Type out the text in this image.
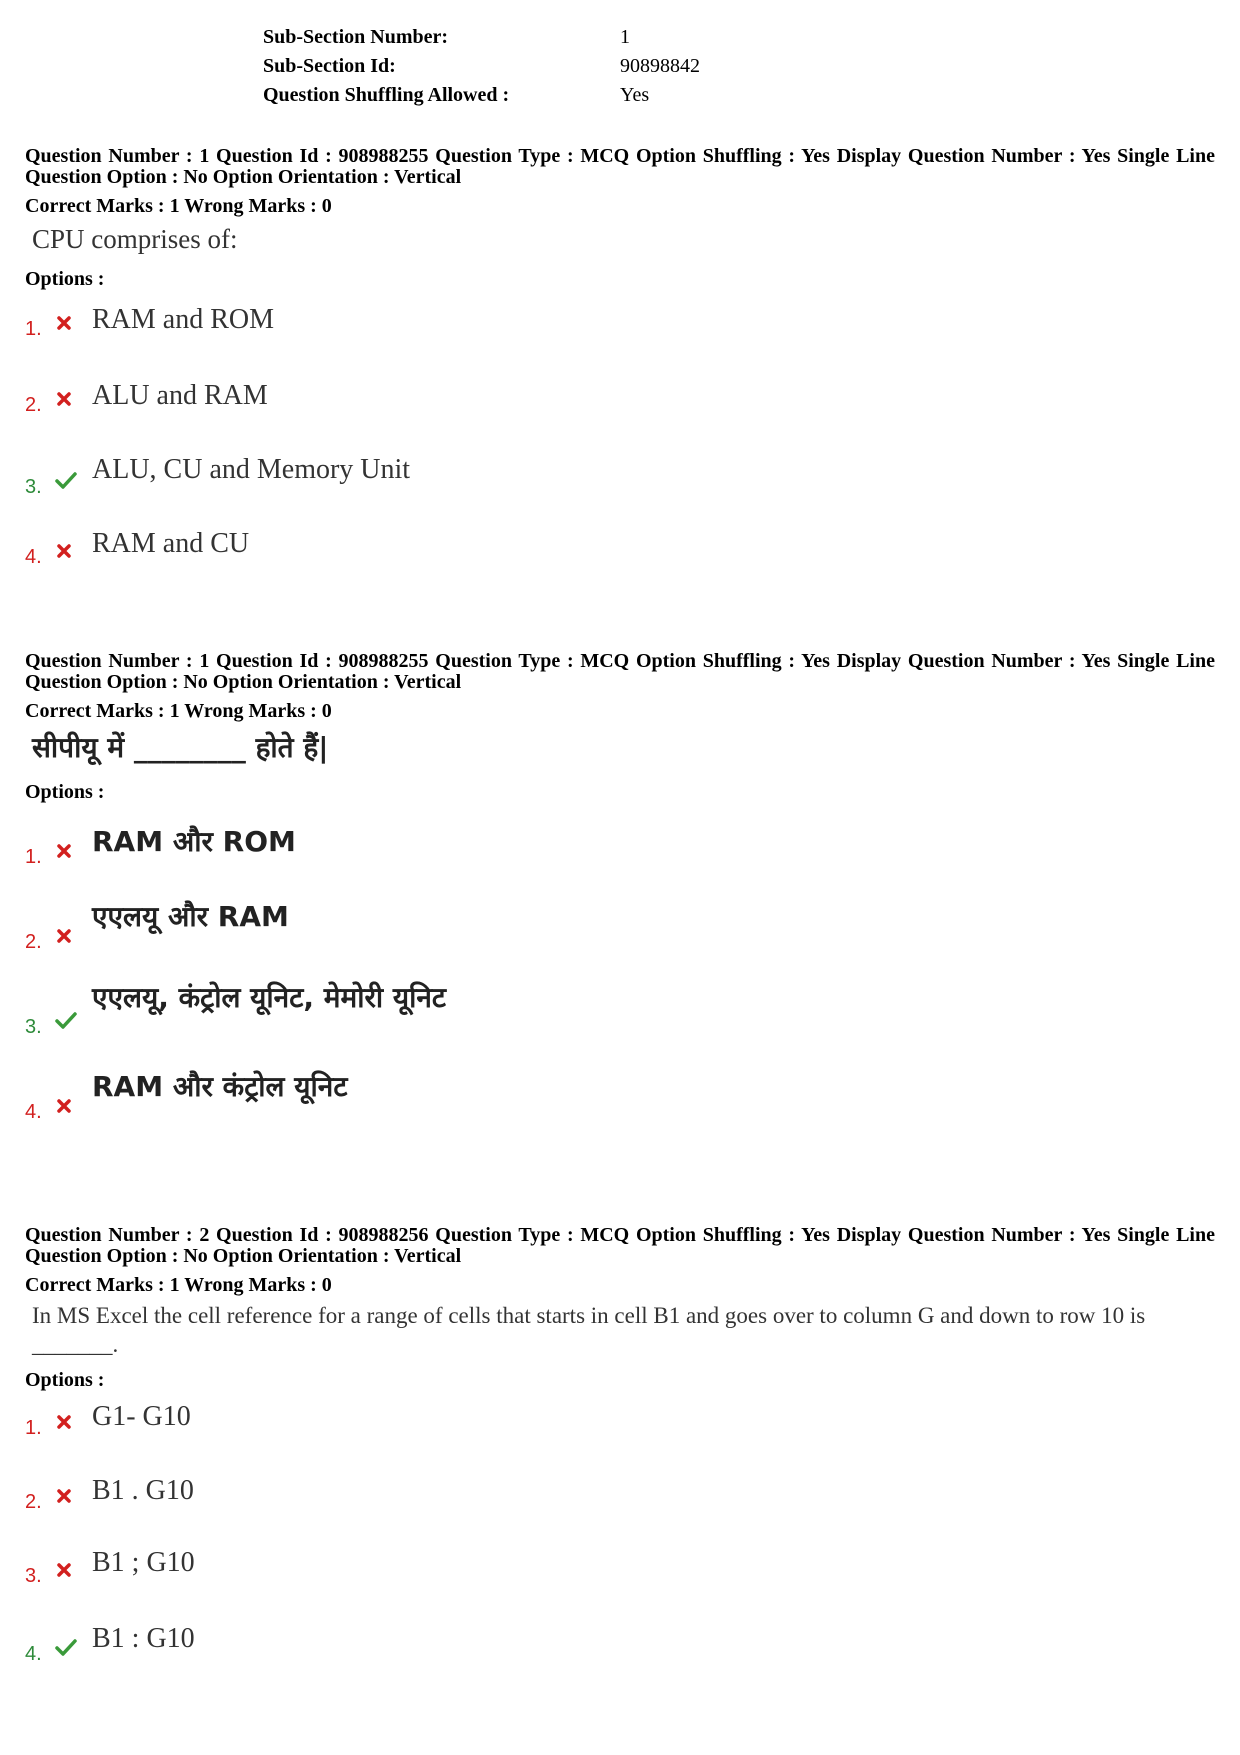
Sub-Section Number:	1
Sub-Section Id:	90898842
Question Shuffling Allowed :	Yes
Question Number : 1 Question Id : 908988255 Question Type : MCQ Option Shuffling : Yes Display Question Number : Yes Single Line Question Option : No Option Orientation : Vertical
Correct Marks : 1 Wrong Marks : 0
CPU comprises of:
Options :
1. RAM and ROM
2. ALU and RAM
3.
ALU, CU and Memory Unit
4. RAM and CU
Question Number : 1 Question Id : 908988255 Question Type : MCQ Option Shuffling : Yes Display Question Number : Yes Single Line Question Option : No Option Orientation : Vertical
Correct Marks : 1 Wrong Marks : 0
सीपीयू में ________ होते हैं|
Options :
1. RAM और ROM
2.
एएलयू और RAM
3.
एएलयू, कंट्रोल यूनिट, मेमोरी यूनिट
4.
RAM और कंट्रोल यूनिट
Question Number : 2 Question Id : 908988256 Question Type : MCQ Option Shuffling : Yes Display Question Number : Yes Single Line Question Option : No Option Orientation : Vertical
Correct Marks : 1 Wrong Marks : 0
In MS Excel the cell reference for a range of cells that starts in cell B1 and goes over to column G and down to row 10 is _______.
Options :
1. G1- G10
2. B1 . G10
3. B1 ; G10
4. B1 : G10
